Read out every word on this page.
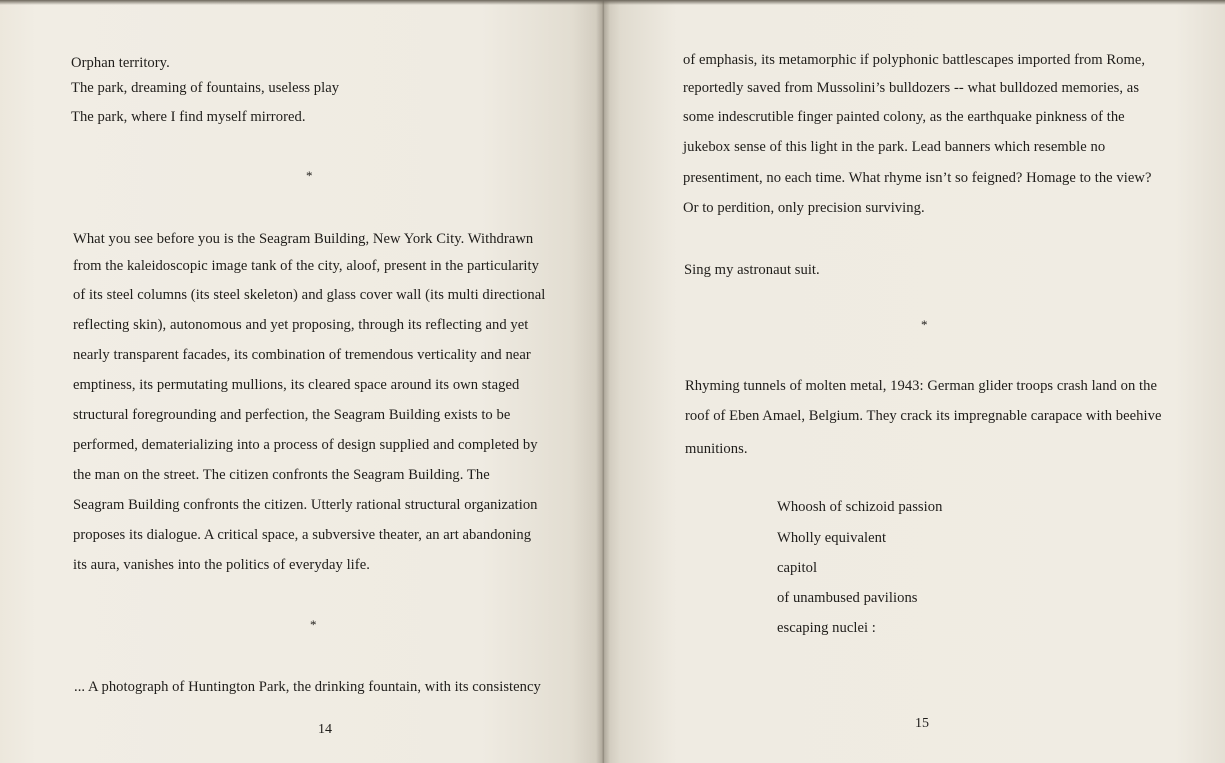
Orphan territory.
The park, dreaming of fountains, useless play
The park, where I find myself mirrored.
*
What you see before you is the Seagram Building, New York City. Withdrawn
from the kaleidoscopic image tank of the city, aloof, present in the particularity
of its steel columns (its steel skeleton) and glass cover wall (its multi directional
reflecting skin), autonomous and yet proposing, through its reflecting and yet
nearly transparent facades, its combination of tremendous verticality and near
emptiness, its permutating mullions, its cleared space around its own staged
structural foregrounding and perfection, the Seagram Building exists to be
performed, dematerializing into a process of design supplied and completed by
the man on the street. The citizen confronts the Seagram Building. The
Seagram Building confronts the citizen. Utterly rational structural organization
proposes its dialogue. A critical space, a subversive theater, an art abandoning
its aura, vanishes into the politics of everyday life.
*
... A photograph of Huntington Park, the drinking fountain, with its consistency
14
of emphasis, its metamorphic if polyphonic battlescapes imported from Rome,
reportedly saved from Mussolini’s bulldozers -- what bulldozed memories, as
some indescrutible finger painted colony, as the earthquake pinkness of the
jukebox sense of this light in the park. Lead banners which resemble no
presentiment, no each time. What rhyme isn’t so feigned? Homage to the view?
Or to perdition, only precision surviving.
Sing my astronaut suit.
*
Rhyming tunnels of molten metal, 1943: German glider troops crash land on the
roof of Eben Amael, Belgium. They crack its impregnable carapace with beehive
munitions.
Whoosh of schizoid passion
Wholly equivalent
capitol
of unambused pavilions
escaping nuclei :
15
